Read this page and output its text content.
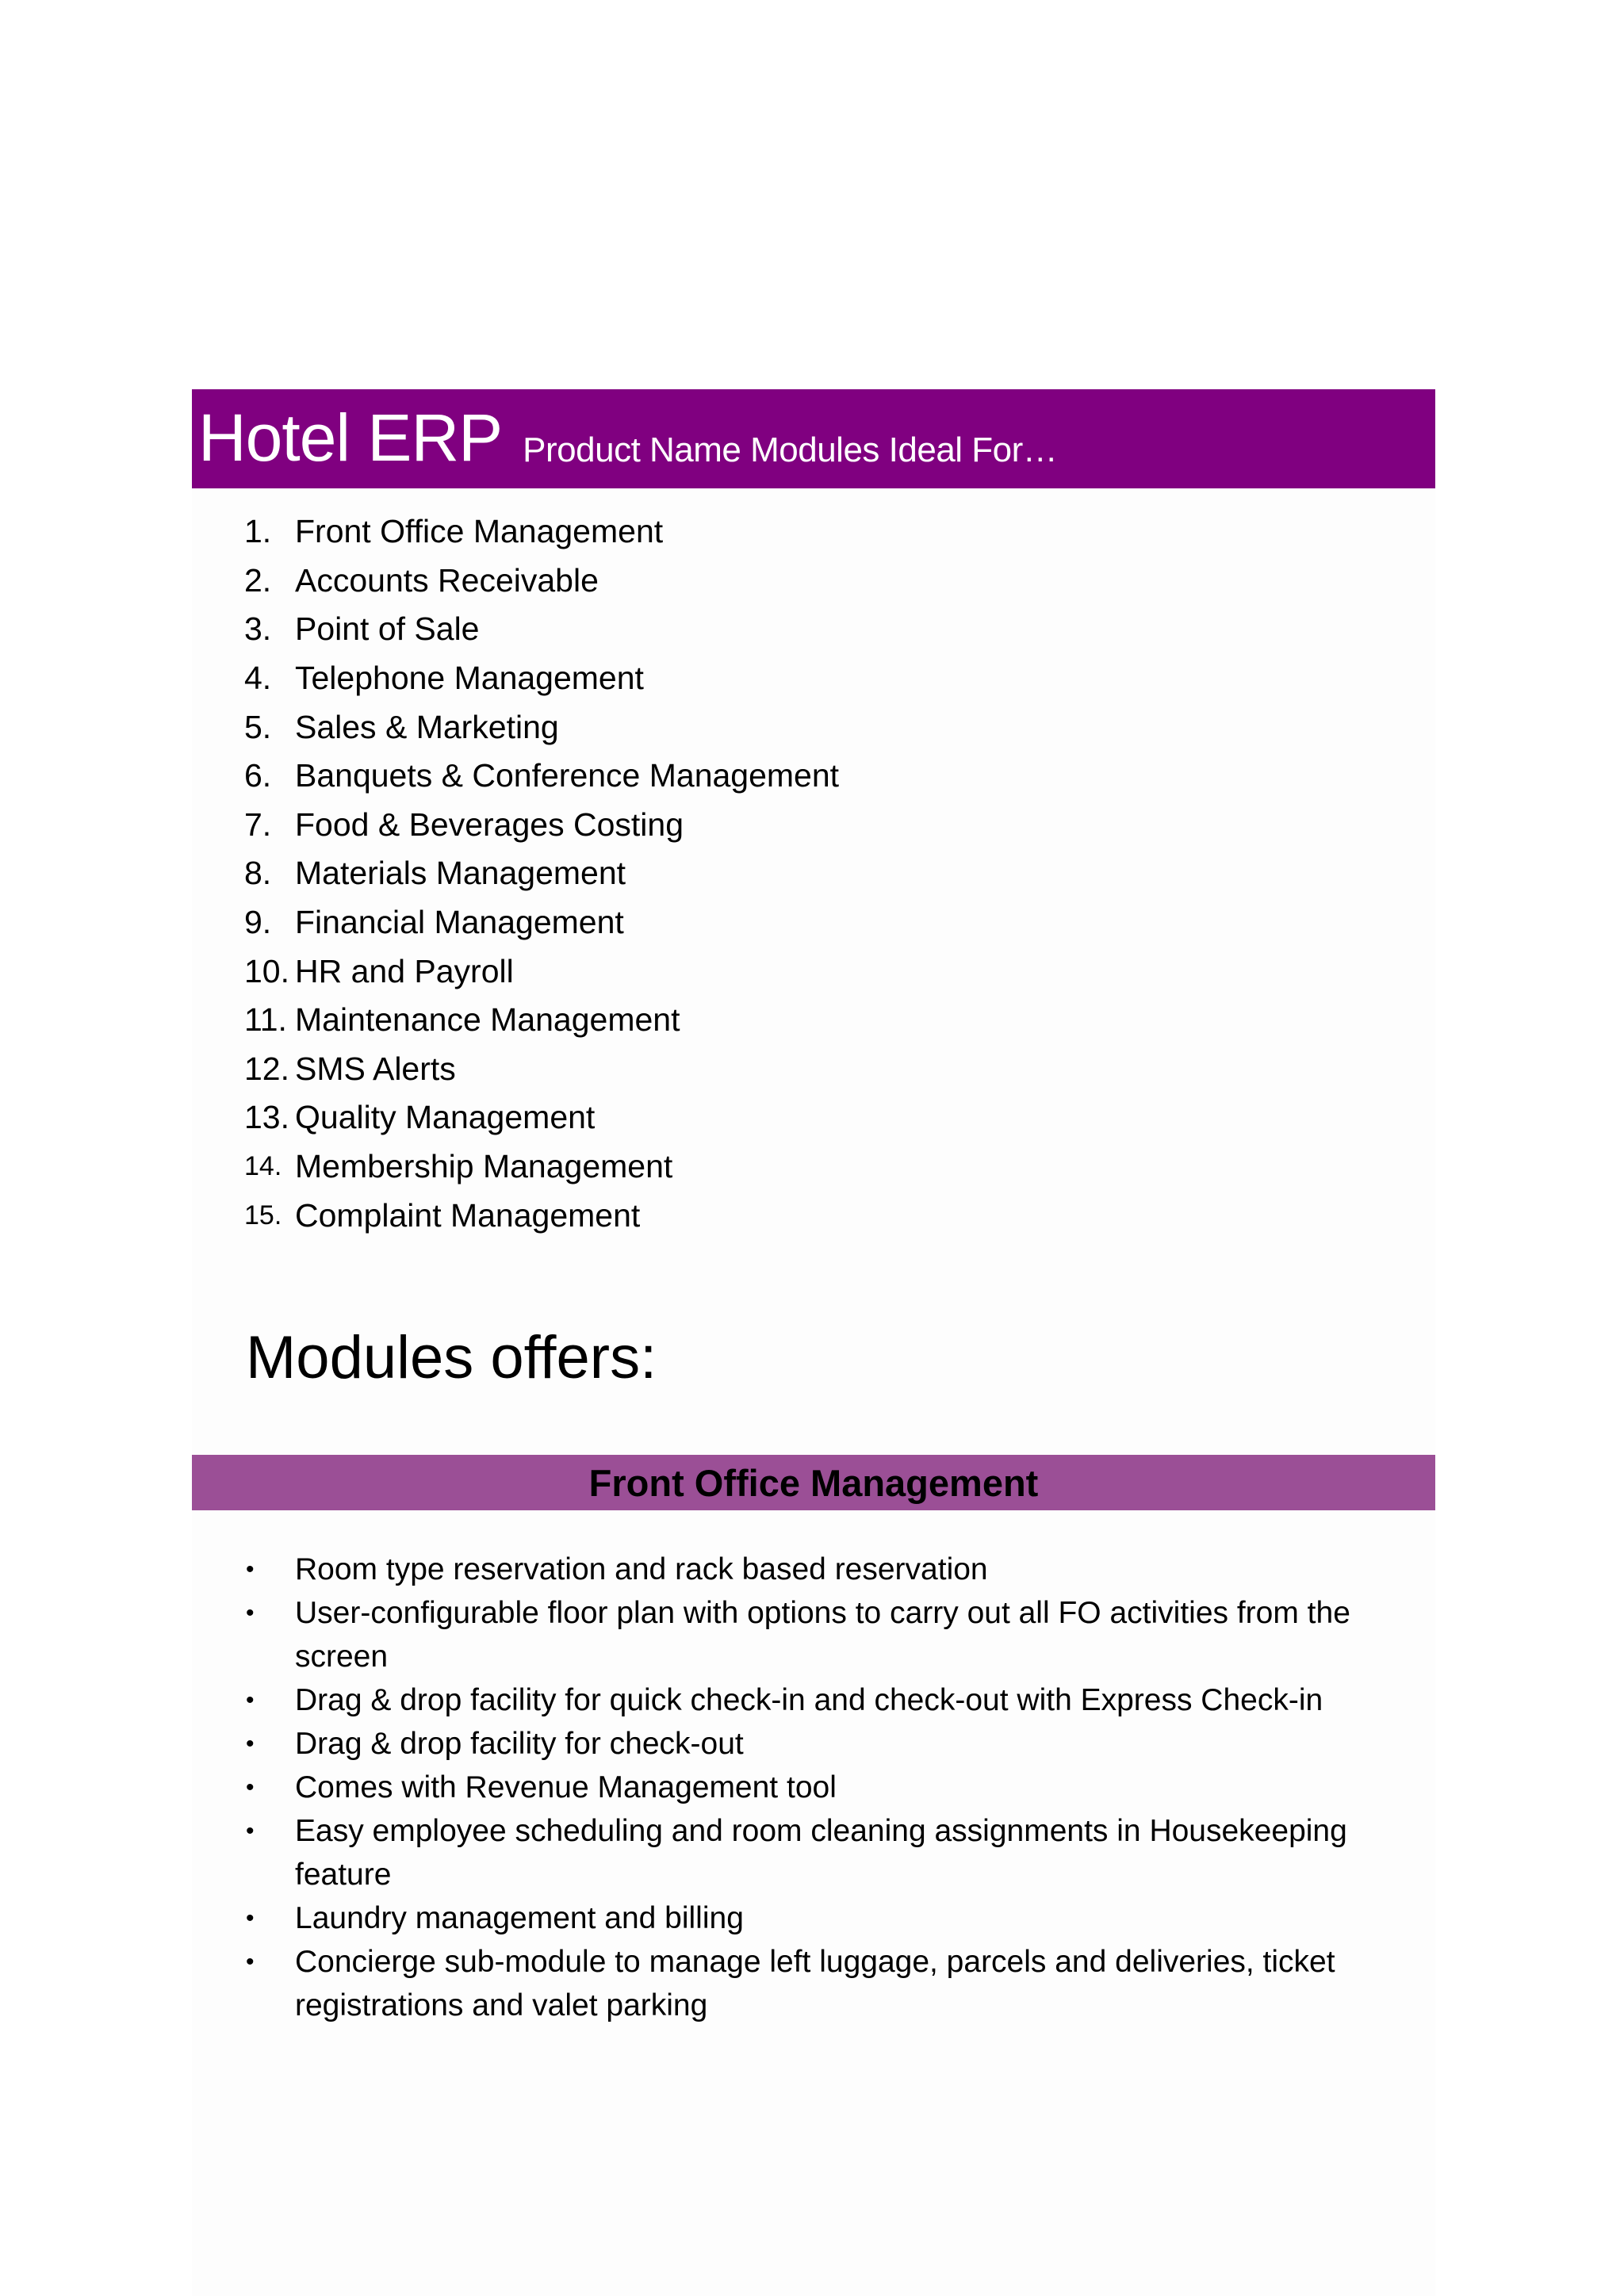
Hotel ERP Product Name Modules Ideal For…
1. Front Office Management
2. Accounts Receivable
3. Point of Sale
4. Telephone Management
5. Sales & Marketing
6. Banquets & Conference Management
7. Food & Beverages Costing
8. Materials Management
9. Financial Management
10. HR and Payroll
11. Maintenance Management
12. SMS Alerts
13. Quality Management
14. Membership Management
15. Complaint Management
Modules offers:
Front Office Management
•	Room type reservation and rack based reservation
•	User-configurable floor plan with options to carry out all FO activities from the screen
•	Drag & drop facility for quick check-in and check-out with Express Check-in
•	Drag & drop facility for check-out
•	Comes with Revenue Management tool
•	Easy employee scheduling and room cleaning assignments in Housekeeping feature
•	Laundry management and billing
•	Concierge sub-module to manage left luggage, parcels and deliveries, ticket registrations and valet parking
